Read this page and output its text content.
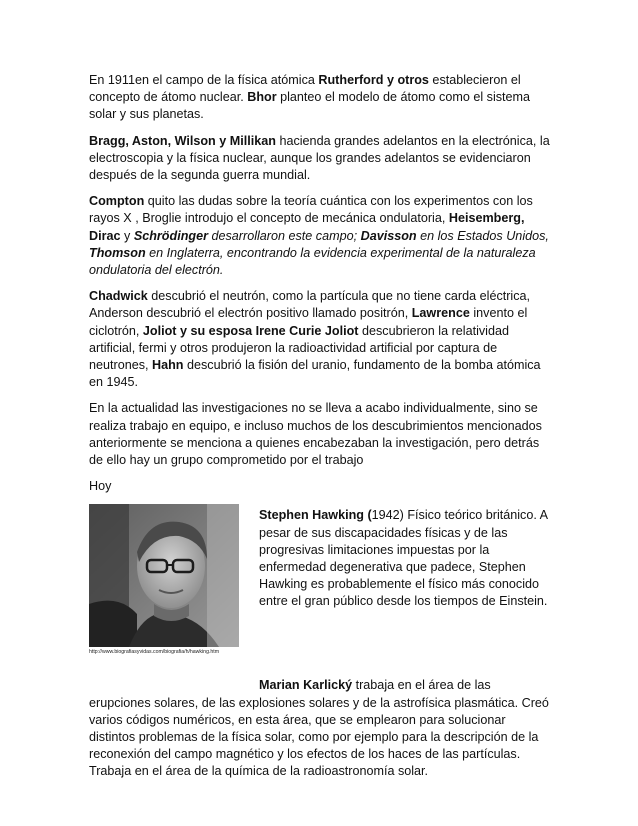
En 1911en el campo de la física atómica Rutherford y otros establecieron el concepto de átomo nuclear. Bhor planteo el modelo de átomo como el sistema solar y sus planetas.

Bragg, Aston, Wilson y Millikan hacienda grandes adelantos en la electrónica, la electroscopia y la física nuclear, aunque los grandes adelantos se evidenciaron después de la segunda guerra mundial.

Compton quito las dudas sobre la teoría cuántica con los experimentos con los rayos X , Broglie introdujo el concepto de mecánica ondulatoria, Heisemberg, Dirac y Schrödinger desarrollaron este campo; Davisson en los Estados Unidos, Thomson en Inglaterra, encontrando la evidencia experimental de la naturaleza ondulatoria del electrón.

Chadwick descubrió el neutrón, como la partícula que no tiene carda eléctrica, Anderson descubrió el electrón positivo llamado positrón, Lawrence invento el ciclotrón, Joliot y su esposa Irene Curie Joliot descubrieron la relatividad artificial, fermi y otros produjeron la radioactividad artificial por captura de neutrones, Hahn descubrió la fisión del uranio, fundamento de la bomba atómica en 1945.

En la actualidad las investigaciones no se lleva a acabo individualmente, sino se realiza trabajo en equipo, e incluso muchos de los descubrimientos mencionados anteriormente se menciona a quienes encabezaban la investigación, pero detrás de ello hay un grupo comprometido por el trabajo

Hoy

http://www.biografiasyvidas.com/biografia/h/hawking.htm

Stephen Hawking (1942) Físico teórico británico. A pesar de sus discapacidades físicas y de las progresivas limitaciones impuestas por la enfermedad degenerativa que padece, Stephen Hawking es probablemente el físico más conocido entre el gran público desde los tiempos de Einstein.

Marian Karlický trabaja en el área de las erupciones solares, de las explosiones solares y de la astrofísica plasmática. Creó varios códigos numéricos, en esta área, que se emplearon para solucionar distintos problemas de la física solar, como por ejemplo para la descripción de la reconexión del campo magnético y los efectos de los haces de las partículas. Trabaja en el área de la química de la radioastronomía solar.
